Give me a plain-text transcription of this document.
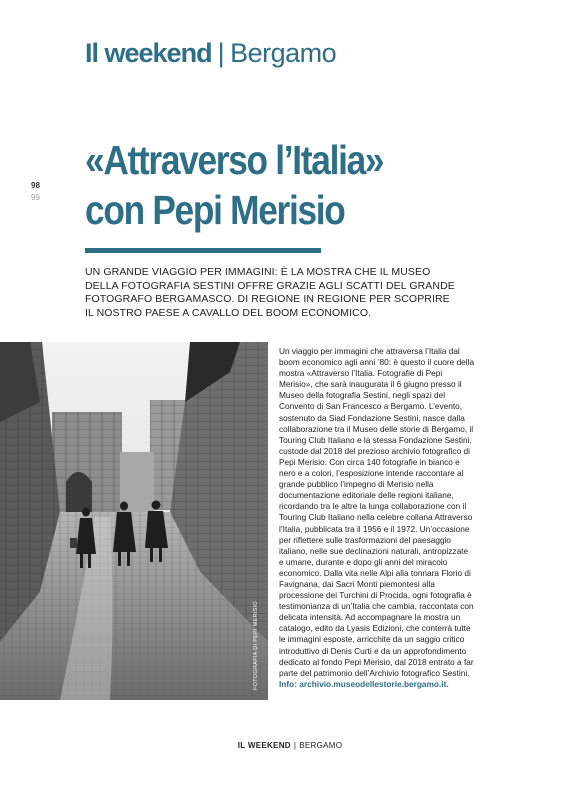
Il weekend | Bergamo
98
99
«Attraverso l’Italia»
con Pepi Merisio
UN GRANDE VIAGGIO PER IMMAGINI: È LA MOSTRA CHE IL MUSEO DELLA FOTOGRAFIA SESTINI OFFRE GRAZIE AGLI SCATTI DEL GRANDE FOTOGRAFO BERGAMASCO. DI REGIONE IN REGIONE PER SCOPRIRE IL NOSTRO PAESE A CAVALLO DEL BOOM ECONOMICO.
FOTOGRAFIA DI PEPI MERISIO

Un viaggio per immagini che attraversa l’Italia dal boom economico agli anni ’80: è questo il cuore della mostra «Attraverso l’Italia. Fotografie di Pepi Merisio», che sarà inaugurata il 6 giugno presso il Museo della fotografia Sestini, negli spazi del Convento di San Francesco a Bergamo. L’evento, sostenuto da Siad Fondazione Sestini, nasce dalla collaborazione tra il Museo delle storie di Bergamo, il Touring Club Italiano e la stessa Fondazione Sestini, custode dal 2018 del prezioso archivio fotografico di Pepi Merisio. Con circa 140 fotografie in bianco e nero e a colori, l’esposizione intende raccontare al grande pubblico l’impegno di Merisio nella documentazione editoriale delle regioni italiane, ricordando tra le altre la lunga collaborazione con il Touring Club Italiano nella celebre collana Attraverso l’Italia, pubblicata tra il 1956 e il 1972. Un’occasione per riflettere sulle trasformazioni del paesaggio italiano, nelle sue declinazioni naturali, antropizzate e umane, durante e dopo gli anni del miracolo economico. Dalla vita nelle Alpi alla tonnara Florio di Favignana, dai Sacri Monti piemontesi alla processione dei Turchini di Procida, ogni fotografia è testimonianza di un’Italia che cambia, raccontata con delicata intensità. Ad accompagnare la mostra un catalogo, edito da Lyasis Edizioni, che conterrà tutte le immagini esposte, arricchite da un saggio critico introduttivo di Denis Curti e da un approfondimento dedicato al fondo Pepi Merisio, dal 2018 entrato a far parte del patrimonio dell’Archivio fotografico Sestini.

Info: archivio.museodellestorie.bergamo.it.

IL WEEKEND | BERGAMO
